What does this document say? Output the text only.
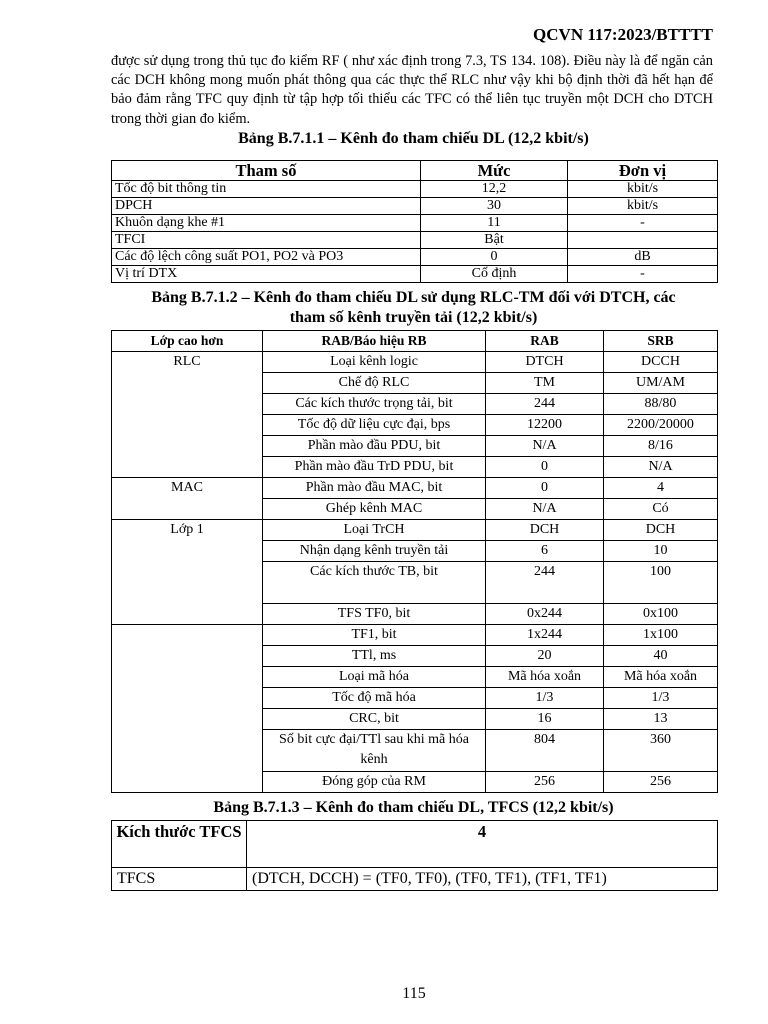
QCVN 117:2023/BTTTT
được sử dụng trong thủ tục đo kiểm RF ( như xác định trong 7.3, TS 134. 108). Điều này là để ngăn cản các DCH không mong muốn phát thông qua các thực thể RLC như vậy khi bộ định thời đã hết hạn để bảo đảm rằng TFC quy định từ tập hợp tối thiểu các TFC có thể liên tục truyền một DCH cho DTCH trong thời gian đo kiểm.
Bảng B.7.1.1 – Kênh đo tham chiếu DL (12,2 kbit/s)
Tham số	Mức	Đơn vị
Tốc độ bit thông tin	12,2	kbit/s
DPCH	30	kbit/s
Khuôn dạng khe #1	11	-
TFCI	Bật	
Các độ lệch công suất PO1, PO2 và PO3	0	dB
Vị trí DTX	Cố định	-
Bảng B.7.1.2 – Kênh đo tham chiếu DL sử dụng RLC-TM đối với DTCH, các
tham số kênh truyền tải (12,2 kbit/s)
Lớp cao hơn	RAB/Báo hiệu RB	RAB	SRB
RLC	Loại kênh logic	DTCH	DCCH
	Chế độ RLC	TM	UM/AM
	Các kích thước trọng tải, bit	244	88/80
	Tốc độ dữ liệu cực đại, bps	12200	2200/20000
	Phần mào đầu PDU, bit	N/A	8/16
	Phần mào đầu TrD PDU, bit	0	N/A
MAC	Phần mào đầu MAC, bit	0	4
	Ghép kênh MAC	N/A	Có
Lớp 1	Loại TrCH	DCH	DCH
	Nhận dạng kênh truyền tải	6	10
	Các kích thước TB, bit	244	100
	TFS TF0, bit	0x244	0x100
	TF1, bit	1x244	1x100
	TTl, ms	20	40
	Loại mã hóa	Mã hóa xoắn	Mã hóa xoắn
	Tốc độ mã hóa	1/3	1/3
	CRC, bit	16	13
	Số bit cực đại/TTl sau khi mã hóa kênh	804	360
	Đóng góp của RM	256	256
Bảng B.7.1.3 – Kênh đo tham chiếu DL, TFCS (12,2 kbit/s)
Kích thước TFCS	4
TFCS	(DTCH, DCCH) = (TF0, TF0), (TF0, TF1), (TF1, TF1)
115
